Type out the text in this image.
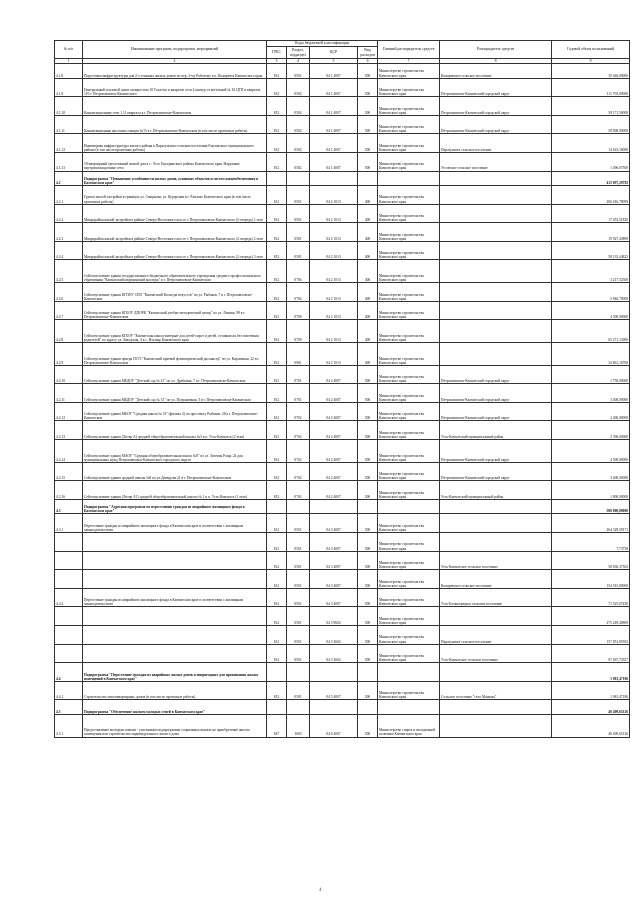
№ п/п	Наименование программ, подпрограмм, мероприятий	Коды бюджетной классификации				Главный распорядитель средств	Распорядитель средств	Годовой объем ассигнований
		ГРБС	Раздел, подраздел	ЦСР	Вид расходов			
1	2	3	4	5	6	7	8	9
4.1.8	Подготовка инфраструктуры для 2-х этажных жилых домов по пер. 3-му Рабочему в п. Козыревск Камчатского края	812	0501	04 1 4007	500	Министерство строительства Камчатского края	Козыревское сельское поселение	35 646,00000
4.1.9	Центральный тепловой пункт мощностью 10 Гкал/час в квартале сети 2 контур от котельной № 16 ЦТП в квартале 110 г. Петропавловск-Камчатского	812	0502	04 1 4007	500	Министерство строительства Камчатского края	Петропавловск-Камчатский городской округ	111 703,00000
4.1.10	Канализационные сети 1,11 квартала в г. Петропавловске-Камчатском	812	0502	04 1 4007	500	Министерство строительства Камчатского края	Петропавловск-Камчатский городской округ	39 171,50000
4.1.11	Канализационная насосная станция №15 в г. Петропавловске-Камчатском (в том числе проектные работы)	812	0502	04 1 4007	500	Министерство строительства Камчатского края	Петропавловск-Камчатский городской округ	59 000,00000
4.1.12	Инженерная инфраструктура жилого района в Паратунском сельском поселении Елизовского муниципального района (в том числе проектные работы)	812	0502	04 1 4007	500	Министерство строительства Камчатского края	Паратунское сельское поселение	14 623,16000
4.1.13	18-квартирный трехэтажный жилой дом в с. Эссо Быстринского района Камчатского края. Наружные внутриплощадочные сети	812	0502	04 1 4007	500	Министерство строительства Камчатского края	Эссовское сельское поселение	1 496,67500
4.2	Подпрограмма "Повышение устойчивости жилых домов, основных объектов и систем жизнеобеспечения в Камчатском крае"							415 097,29792
4.2.1	Группа жилой застройки в границах ул. Смирнова, ул. Курортная в г. Елизово Камчатского края (в том числе проектные работы)	812	0501	04 2 1013	400	Министерство строительства Камчатского края		206 016,78099
4.2.2	Микрорайон жилой застройки в районе Северо-Восточного шоссе г. Петропавловска-Камчатского (2 очередь) 1 этап	812	0501	04 2 1013	400	Министерство строительства Камчатского края		17 453,51820
4.2.3	Микрорайон жилой застройки в районе Северо-Восточного шоссе г. Петропавловска-Камчатского (2 очередь) 2 этап	812	0501	04 2 1013	400	Министерство строительства Камчатского края		19 927,43899
4.2.4	Микрорайон жилой застройки в районе Северо-Восточного шоссе г. Петропавловска-Камчатского (2 очередь) 3 этап	812	0501	04 2 1013	400	Министерство строительства Камчатского края		58 135,44825
4.2.5	Сейсмоусиление здания государственного бюджетного образовательного учреждения среднего профессионального образования "Камчатский медицинский колледж" в г. Петропавловске-Камчатском	812	0704	04 2 1013	400	Министерство строительства Камчатского края		3 217,52500
4.2.6	Сейсмоусиление здания КГПОУ СПО "Камчатский Колледж искусств" по ул. Рыбаков, 7 в г. Петропавловске-Камчатском	812	0704	04 2 1013	400	Министерство строительства Камчатского края		5 846,70000
4.2.7	Сейсмоусиление здания КГБОУ ДПОРК "Камчатский учебно-методический центр" по ул. Ленина, 98 в г. Петропавловске-Камчатском	812	0709	04 2 1013	400	Министерство строительства Камчатского края		4 500,00000
4.2.8	Сейсмоусиление здания КГБОУ "Камчатская школа-интернат для детей-сирот и детей, оставшихся без попечения родителей" по адресу ул. Заводская, 4 в с. Ильпыр Камчатского края	812	0709	04 2 1013	400	Министерство строительства Камчатского края		65 271,13000
4.2.9	Сейсмоусиление здания центра ГБУЗ "Камчатский краевой фтизиатрический диспансер" по ул. Кирпичная, 22 в г. Петропавловске-Камчатском	812	0901	04 2 1013	400	Министерство строительства Камчатского края		34 861,16700
4.2.10	Сейсмоусиление здания МБДОУ "Детский сад № 21" по ул. Драбкина, 7 в г. Петропавловске-Камчатском	812	0701	04 2 4007	500	Министерство строительства Камчатского края	Петропавловск-Камчатский городской округ	1 750,00000
4.2.11	Сейсмоусиление здания МБДОУ "Детский сад № 31" по ул. Пограничная, 5 в г. Петропавловске-Камчатском	812	0701	04 2 4007	500	Министерство строительства Камчатского края	Петропавловск-Камчатский городской округ	3 400,00000
4.2.12	Сейсмоусиление здания МБОУ "Средняя школа № 33" (филиал 2) по проспекту Рыбаков, 28 в г. Петропавловске-Камчатском	812	0702	04 2 4007	500	Министерство строительства Камчатского края	Петропавловск-Камчатский городской округ	2 400,00000
4.2.13	Сейсмоусиление здания (Литер А) средней общеобразовательной школы №3 в п. Усть-Камчатск (2 этап)	812	0702	04 2 4007	500	Министерство строительства Камчатского края	Усть-Камчатский муниципальный район	2 396,00000
4.2.14	Сейсмоусиление здания МАОУ "Средняя общеобразовательная школа №8" по ул. Зеленая Роща, 24 для муниципальных нужд Петропавловск-Камчатского городского округа	812	0702	04 2 4007	500	Министерство строительства Камчатского края	Петропавловск-Камчатский городской округ	4 500,00000
4.2.15	Сейсмоусиление здания средней школы №8 по ул.Давыдова 21 в г. Петропавловске-Камчатском	812	0702	04 2 4007	500	Министерство строительства Камчатского края	Петропавловск-Камчатский городской округ	3 400,00000
4.2.16	Сейсмоусиление здания (Литер А1) средней общеобразовательной школы № 1 в п. Усть-Камчатск (1 этап)	812	0702	04 2 4007	500	Министерство строительства Камчатского края	Усть-Камчатский муниципальный район	1 800,00000
4.3	Подпрограмма "Адресная программа по переселению граждан из аварийного жилищного фонда в Камчатском крае"							580 000,00000
4.3.1	Переселение граждан из аварийного жилищного фонда в Камчатском крае в соответствии с жилищным законодательством	812	0501	04 3 4007	500	Министерство строительства Камчатского края		264 329,59171
		812	0501	04 3 4007	500	Министерство строительства Камчатского края		7,73758
		812	0501	04 3 4007	500	Министерство строительства Камчатского края	Усть-Камчатское сельское поселение	58 636,37363
		812	0501	04 3 4007	500	Министерство строительства Камчатского края	Козыревское сельское поселение	154 015,00000
4.3.2	Переселение граждан из аварийного жилищного фонда в Камчатском крае в соответствии с жилищным законодательством	812	0501	04 3 4007	500	Министерство строительства Камчатского края	Усть-Большерецкое сельское поселение	71 525,07450
		812	0501	04 3 9602	500	Министерство строительства Камчатского края		275 249,40809
		812	0501	04 3 3602	500	Министерство строительства Камчатского края	Паратунское сельское поселение	157 851,85592
		812	0501	04 3 3602	500	Министерство строительства Камчатского края	Усть-Камчатское сельское поселение	97 467,73557
4.4	Подпрограмма "Переселение граждан из аварийных жилых домов и непригодных для проживания жилых помещений в Камчатском крае"							1 081,47186
4.4.1	Строительство многоквартирных домов (в том числе проектные работы)	812	0501	04 5 4007	500	Министерство строительства Камчатского края	Сельское поселение "село Манилы"	1 081,47186
4.5	Подпрограмма "Обеспечение жильем молодых семей в Камчатском крае"							40 409,65126
4.5.1	Предоставление молодым семьям - участникам подпрограммы социальных выплат на приобретение жилого помещения или строительство индивидуального жилого дома	847	1003	04 6 4007	500	Министерство спорта и молодежной политики Камчатского края		40 409,65126
4
